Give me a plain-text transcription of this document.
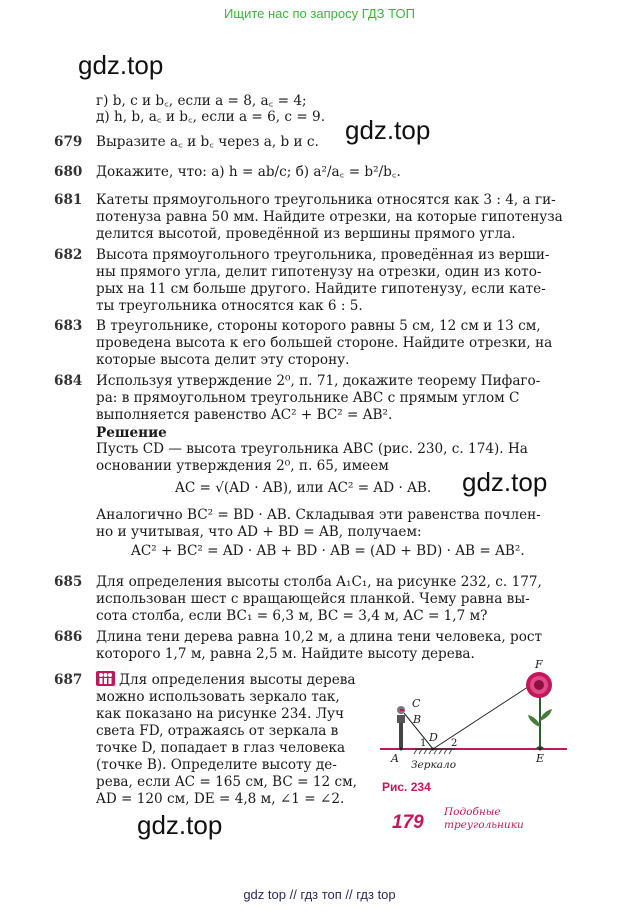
Ищите нас по запросу ГДЗ ТОП
gdz.top
gdz.top
gdz.top
gdz.top
г) b, c и b꜀, если a = 8, a꜀ = 4;
д) h, b, a꜀ и b꜀, если a = 6, c = 9.
679 Выразите a꜀ и b꜀ через a, b и c.
680 Докажите, что: а) h = ab/c; б) a²/a꜀ = b²/b꜀.
681 Катеты прямоугольного треугольника относятся как 3 : 4, а ги-
потенуза равна 50 мм. Найдите отрезки, на которые гипотенуза
делится высотой, проведённой из вершины прямого угла.
682 Высота прямоугольного треугольника, проведённая из верши-
ны прямого угла, делит гипотенузу на отрезки, один из кото-
рых на 11 см больше другого. Найдите гипотенузу, если кате-
ты треугольника относятся как 6 : 5.
683 В треугольнике, стороны которого равны 5 см, 12 см и 13 см,
проведена высота к его большей стороне. Найдите отрезки, на
которые высота делит эту сторону.
684 Используя утверждение 2⁰, п. 71, докажите теорему Пифаго-
ра: в прямоугольном треугольнике ABC с прямым углом C
выполняется равенство AC² + BC² = AB².
Решение
Пусть CD — высота треугольника ABC (рис. 230, с. 174). На
основании утверждения 2⁰, п. 65, имеем
AC = √(AD · AB), или AC² = AD · AB.
Аналогично BC² = BD · AB. Складывая эти равенства почлен-
но и учитывая, что AD + BD = AB, получаем:
AC² + BC² = AD · AB + BD · AB = (AD + BD) · AB = AB².
685 Для определения высоты столба A₁C₁, на рисунке 232, с. 177,
использован шест с вращающейся планкой. Чему равна вы-
сота столба, если BC₁ = 6,3 м, BC = 3,4 м, AC = 1,7 м?
686 Длина тени дерева равна 10,2 м, а длина тени человека, рост
которого 1,7 м, равна 2,5 м. Найдите высоту дерева.
687	Для определения высоты дерева
можно использовать зеркало так,
как показано на рисунке 234. Луч
света FD, отражаясь от зеркала в
точке D, попадает в глаз человека
(точке B). Определите высоту де-
рева, если AC = 165 см, BC = 12 см,
AD = 120 см, DE = 4,8 м, ∠1 = ∠2.
F
C
B
D
1 2
A	E
Зеркало
Рис. 234
179 Подобные
треугольники
gdz top // гдз топ // гдз top
